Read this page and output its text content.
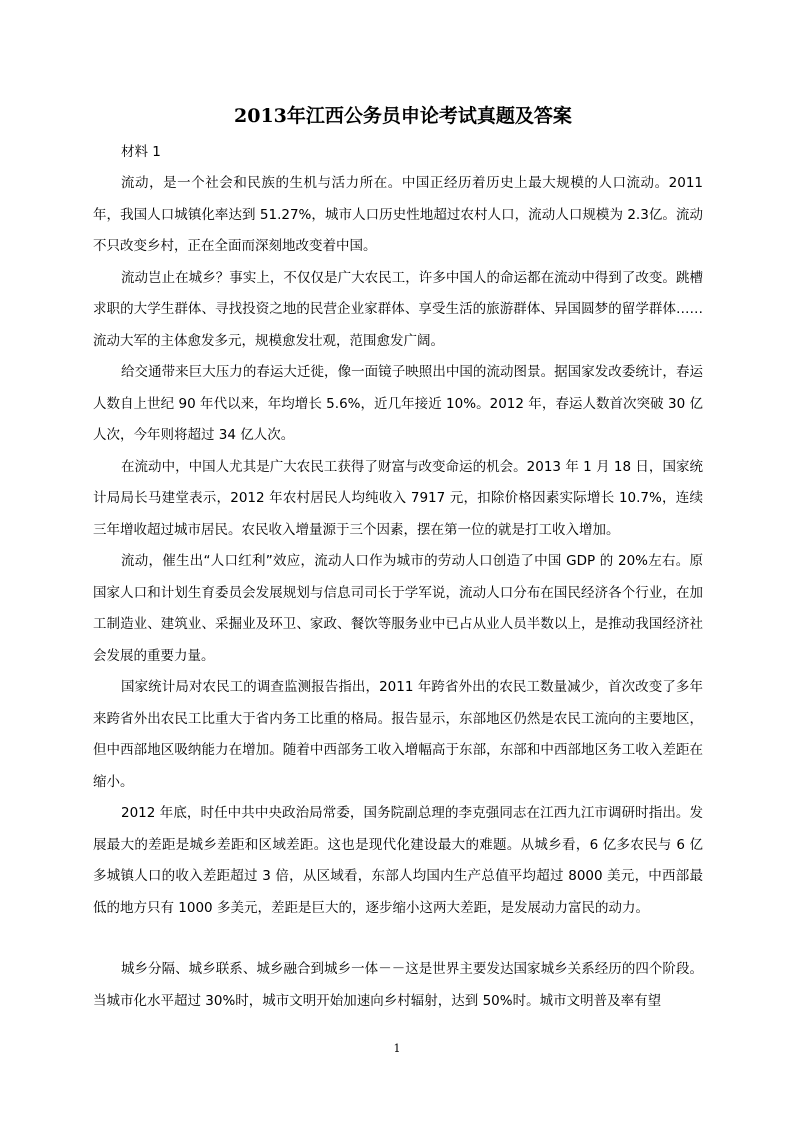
2013年江西公务员申论考试真题及答案

材料 1

流动，是一个社会和民族的生机与活力所在。中国正经历着历史上最大规模的人口流动。2011年，我国人口城镇化率达到 51.27%，城市人口历史性地超过农村人口，流动人口规模为 2.3亿。流动不只改变乡村，正在全面而深刻地改变着中国。

流动岂止在城乡？事实上，不仅仅是广大农民工，许多中国人的命运都在流动中得到了改变。跳槽求职的大学生群体、寻找投资之地的民营企业家群体、享受生活的旅游群体、异国圆梦的留学群体……流动大军的主体愈发多元，规模愈发壮观，范围愈发广阔。

给交通带来巨大压力的春运大迁徙，像一面镜子映照出中国的流动图景。据国家发改委统计，春运人数自上世纪 90 年代以来，年均增长 5.6%，近几年接近 10%。2012 年，春运人数首次突破 30 亿人次，今年则将超过 34 亿人次。

在流动中，中国人尤其是广大农民工获得了财富与改变命运的机会。2013 年 1 月 18 日，国家统计局局长马建堂表示，2012 年农村居民人均纯收入 7917 元，扣除价格因素实际增长 10.7%，连续三年增收超过城市居民。农民收入增量源于三个因素，摆在第一位的就是打工收入增加。

流动，催生出“人口红利”效应，流动人口作为城市的劳动人口创造了中国 GDP 的 20%左右。原国家人口和计划生育委员会发展规划与信息司司长于学军说，流动人口分布在国民经济各个行业，在加工制造业、建筑业、采掘业及环卫、家政、餐饮等服务业中已占从业人员半数以上，是推动我国经济社会发展的重要力量。

国家统计局对农民工的调查监测报告指出，2011 年跨省外出的农民工数量减少，首次改变了多年来跨省外出农民工比重大于省内务工比重的格局。报告显示，东部地区仍然是农民工流向的主要地区，但中西部地区吸纳能力在增加。随着中西部务工收入增幅高于东部，东部和中西部地区务工收入差距在缩小。

2012 年底，时任中共中央政治局常委，国务院副总理的李克强同志在江西九江市调研时指出。发展最大的差距是城乡差距和区域差距。这也是现代化建设最大的难题。从城乡看，6 亿多农民与 6 亿多城镇人口的收入差距超过 3 倍，从区域看，东部人均国内生产总值平均超过 8000 美元，中西部最低的地方只有 1000 多美元，差距是巨大的，逐步缩小这两大差距，是发展动力富民的动力。

城乡分隔、城乡联系、城乡融合到城乡一体－－这是世界主要发达国家城乡关系经历的四个阶段。当城市化水平超过 30%时，城市文明开始加速向乡村辐射，达到 50%时。城市文明普及率有望

1
